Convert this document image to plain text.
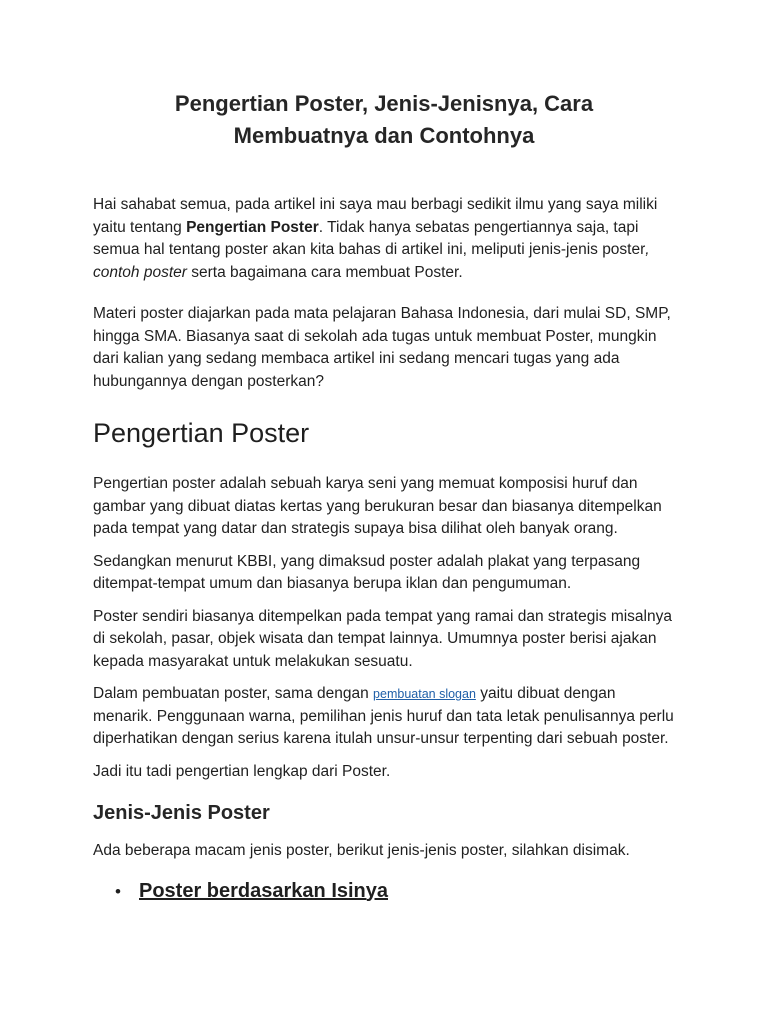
Pengertian Poster, Jenis-Jenisnya, Cara
Membuatnya dan Contohnya

Hai sahabat semua, pada artikel ini saya mau berbagi sedikit ilmu yang saya miliki yaitu tentang Pengertian Poster. Tidak hanya sebatas pengertiannya saja, tapi semua hal tentang poster akan kita bahas di artikel ini, meliputi jenis-jenis poster, contoh poster serta bagaimana cara membuat Poster.

Materi poster diajarkan pada mata pelajaran Bahasa Indonesia, dari mulai SD, SMP, hingga SMA. Biasanya saat di sekolah ada tugas untuk membuat Poster, mungkin dari kalian yang sedang membaca artikel ini sedang mencari tugas yang ada hubungannya dengan posterkan?

Pengertian Poster

Pengertian poster adalah sebuah karya seni yang memuat komposisi huruf dan gambar yang dibuat diatas kertas yang berukuran besar dan biasanya ditempelkan pada tempat yang datar dan strategis supaya bisa dilihat oleh banyak orang.

Sedangkan menurut KBBI, yang dimaksud poster adalah plakat yang terpasang ditempat-tempat umum dan biasanya berupa iklan dan pengumuman.

Poster sendiri biasanya ditempelkan pada tempat yang ramai dan strategis misalnya di sekolah, pasar, objek wisata dan tempat lainnya. Umumnya poster berisi ajakan kepada masyarakat untuk melakukan sesuatu.

Dalam pembuatan poster, sama dengan pembuatan slogan yaitu dibuat dengan menarik. Penggunaan warna, pemilihan jenis huruf dan tata letak penulisannya perlu diperhatikan dengan serius karena itulah unsur-unsur terpenting dari sebuah poster.

Jadi itu tadi pengertian lengkap dari Poster.

Jenis-Jenis Poster

Ada beberapa macam jenis poster, berikut jenis-jenis poster, silahkan disimak.

• Poster berdasarkan Isinya
